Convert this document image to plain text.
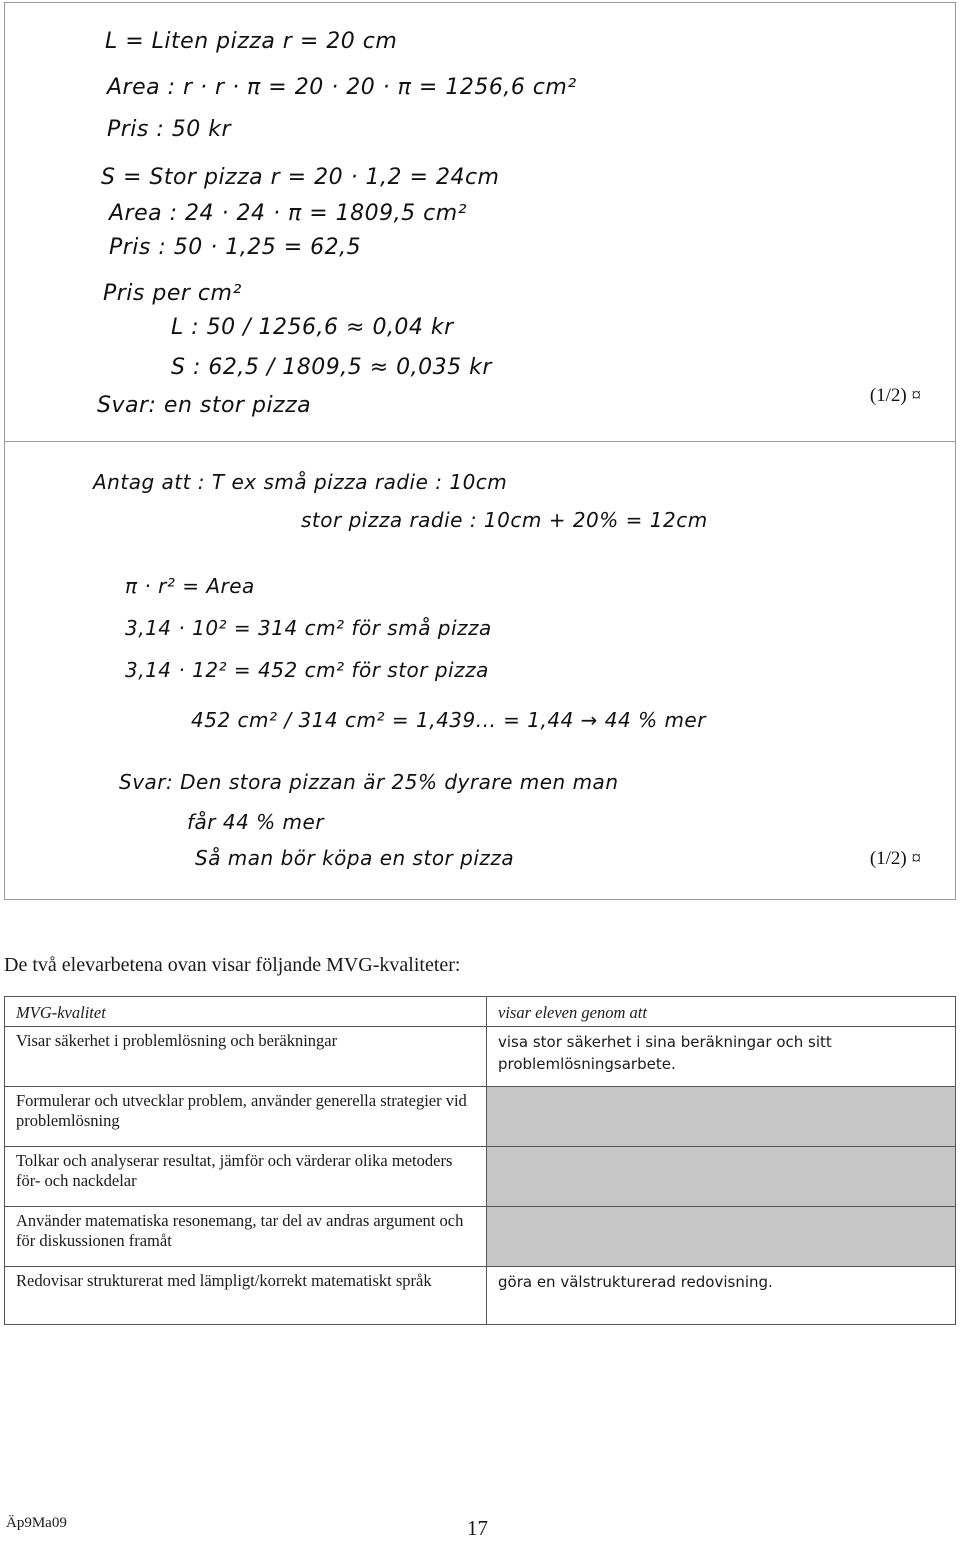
L = Liten pizza r = 20 cm
Area : r · r · π = 20 · 20 · π = 1256,6 cm²
Pris : 50 kr
S = Stor pizza r = 20 · 1,2 = 24cm
Area : 24 · 24 · π = 1809,5 cm²
Pris : 50 · 1,25 = 62,5
Pris per cm²
L : 50 / 1256,6 ≈ 0,04 kr
S : 62,5 / 1809,5 ≈ 0,035 kr
Svar: en stor pizza	(1/2) ¤
Antag att : T ex små pizza radie : 10cm
stor pizza radie : 10cm + 20% = 12cm
π · r² = Area
3,14 · 10² = 314 cm² för små pizza
3,14 · 12² = 452 cm² för stor pizza
452 cm² / 314 cm² = 1,439... = 1,44 → 44 % mer
Svar: Den stora pizzan är 25% dyrare men man
får 44 % mer
Så man bör köpa en stor pizza	(1/2) ¤
De två elevarbetena ovan visar följande MVG-kvaliteter:
MVG-kvalitet	visar eleven genom att
Visar säkerhet i problemlösning och beräkningar	visa stor säkerhet i sina beräkningar och sitt problemlösningsarbete.
Formulerar och utvecklar problem, använder generella strategier vid problemlösning	
Tolkar och analyserar resultat, jämför och värderar olika metoders för- och nackdelar	
Använder matematiska resonemang, tar del av andras argument och för diskussionen framåt	
Redovisar strukturerat med lämpligt/korrekt matematiskt språk	göra en välstrukturerad redovisning.
Äp9Ma09	17
